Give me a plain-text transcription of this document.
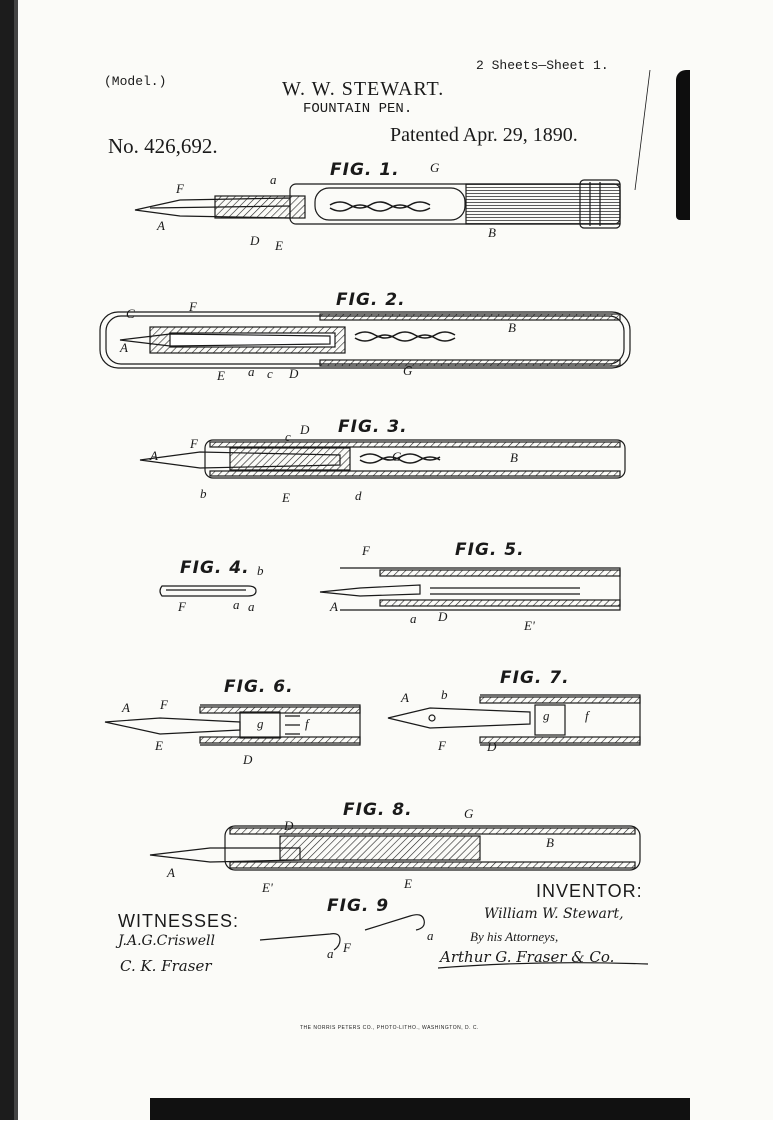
(Model.)
2 Sheets—Sheet 1.
W. W. STEWART.
FOUNTAIN PEN.
No. 426,692.	Patented Apr. 29, 1890.
FIG. 1.
FIG. 2.
FIG. 3.
FIG. 4.
FIG. 5.
FIG. 6.	FIG. 7.
FIG. 8.
FIG. 9
F
a
G
A
D E
B
C	F
B
A
E a c D	G
c D
F
A	G	B
b	E	d
b
F	a a
F
A
a D
E'
A F
g	f
E
D
A b
g	f
F	D
D
G
B
A
E'	E
a F
a
WITNESSES:
J.A.G.Criswell
C. K. Fraser
INVENTOR:
William W. Stewart,
By his Attorneys,
Arthur G. Fraser & Co.
THE NORRIS PETERS CO., PHOTO-LITHO., WASHINGTON, D. C.
